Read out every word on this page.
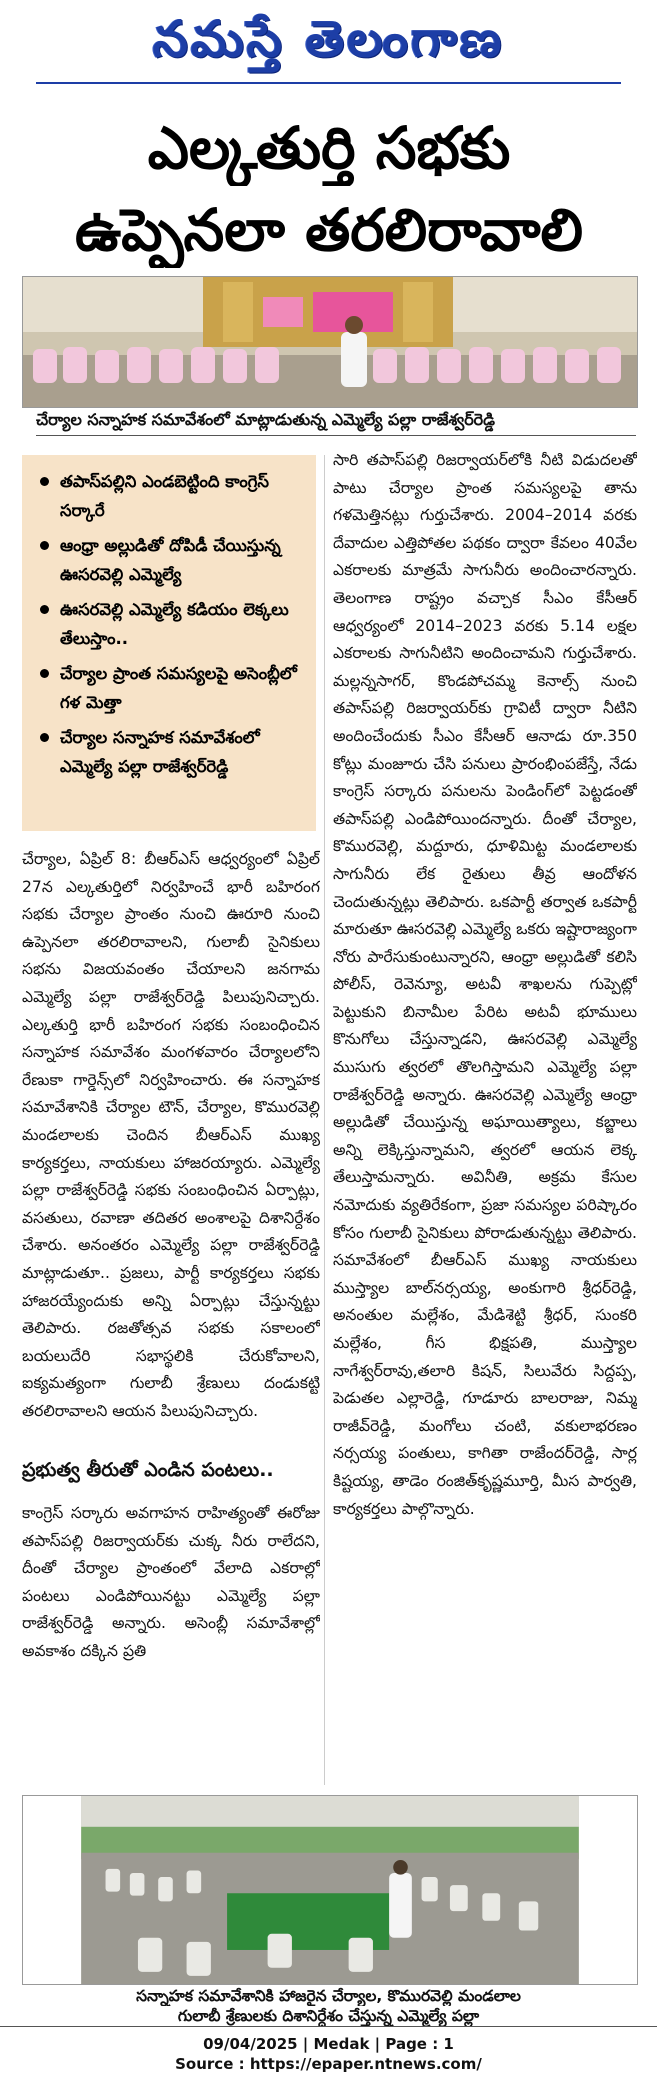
నమస్తే తెలంగాణ
ఎల్కతుర్తి సభకు
ఉప్పెనలా తరలిరావాలి
చేర్యాల సన్నాహక సమావేశంలో మాట్లాడుతున్న ఎమ్మెల్యే పల్లా రాజేశ్వర్‌రెడ్డి
తపాస్‌పల్లిని ఎండబెట్టింది కాంగ్రెస్ సర్కారే
ఆంధ్రా అల్లుడితో దోపిడీ చేయిస్తున్న ఊసరవెల్లి ఎమ్మెల్యే
ఊసరవెల్లి ఎమ్మెల్యే కడియం లెక్కలు తేలుస్తాం..
చేర్యాల ప్రాంత సమస్యలపై అసెంబ్లీలో గళ మెత్తా
చేర్యాల సన్నాహక సమావేశంలో ఎమ్మెల్యే పల్లా రాజేశ్వర్‌రెడ్డి

చేర్యాల, ఏప్రిల్ 8: బీఆర్‌ఎస్ ఆధ్వర్యంలో ఏప్రిల్ 27న ఎల్కతుర్తిలో నిర్వహించే భారీ బహిరంగ సభకు చేర్యాల ప్రాంతం నుంచి ఊరూరి నుంచి ఉప్పెనలా తరలిరావాలని, గులాబీ సైనికులు సభను విజయవంతం చేయాలని జనగామ ఎమ్మెల్యే పల్లా రాజేశ్వర్‌రెడ్డి పిలుపునిచ్చారు. ఎల్కతుర్తి భారీ బహిరంగ సభకు సంబంధించిన సన్నాహక సమావేశం మంగళవారం చేర్యాలలోని రేణుకా గార్డెన్స్‌లో నిర్వహించారు. ఈ సన్నాహక సమావేశానికి చేర్యాల టౌన్, చేర్యాల, కొమురవెల్లి మండలాలకు చెందిన బీఆర్‌ఎస్ ముఖ్య కార్యకర్తలు, నాయకులు హాజరయ్యారు. ఎమ్మెల్యే పల్లా రాజేశ్వర్‌రెడ్డి సభకు సంబంధించిన ఏర్పాట్లు, వసతులు, రవాణా తదితర అంశాలపై దిశానిర్దేశం చేశారు. అనంతరం ఎమ్మెల్యే పల్లా రాజేశ్వర్‌రెడ్డి మాట్లాడుతూ.. ప్రజలు, పార్టీ కార్యకర్తలు సభకు హాజరయ్యేందుకు అన్ని ఏర్పాట్లు చేస్తున్నట్టు తెలిపారు. రజతోత్సవ సభకు సకాలంలో బయలుదేరి సభాస్థలికి చేరుకోవాలని, ఐక్యమత్యంగా గులాబీ శ్రేణులు దండుకట్టి తరలిరావాలని ఆయన పిలుపునిచ్చారు.

ప్రభుత్వ తీరుతో ఎండిన పంటలు..

కాంగ్రెస్ సర్కారు అవగాహన రాహిత్యంతో ఈరోజు తపాస్‌పల్లి రిజర్వాయర్‌కు చుక్క నీరు రాలేదని, దీంతో చేర్యాల ప్రాంతంలో వేలాది ఎకరాల్లో పంటలు ఎండిపోయినట్టు ఎమ్మెల్యే పల్లా రాజేశ్వర్‌రెడ్డి అన్నారు. అసెంబ్లీ సమావేశాల్లో అవకాశం దక్కిన ప్రతి

సారి తపాస్‌పల్లి రిజర్వాయర్‌లోకి నీటి విడుదలతో పాటు చేర్యాల ప్రాంత సమస్యలపై తాను గళమెత్తినట్లు గుర్తుచేశారు. 2004–2014 వరకు దేవాదుల ఎత్తిపోతల పథకం ద్వారా కేవలం 40వేల ఎకరాలకు మాత్రమే సాగునీరు అందించారన్నారు. తెలంగాణ రాష్ట్రం వచ్చాక సీఎం కేసీఆర్ ఆధ్వర్యంలో 2014–2023 వరకు 5.14 లక్షల ఎకరాలకు సాగునీటిని అందించామని గుర్తుచేశారు. మల్లన్నసాగర్, కొండపోచమ్మ కెనాల్స్ నుంచి తపాస్‌పల్లి రిజర్వాయర్‌కు గ్రావిటీ ద్వారా నీటిని అందించేందుకు సీఎం కేసీఆర్ ఆనాడు రూ.350 కోట్లు మంజూరు చేసి పనులు ప్రారంభింపజేస్తే, నేడు కాంగ్రెస్ సర్కారు పనులను పెండింగ్‌లో పెట్టడంతో తపాస్‌పల్లి ఎండిపోయిందన్నారు. దీంతో చేర్యాల, కొమురవెల్లి, మద్దూరు, ధూళిమిట్ట మండలాలకు సాగునీరు లేక రైతులు తీవ్ర ఆందోళన చెందుతున్నట్లు తెలిపారు. ఒకపార్టీ తర్వాత ఒకపార్టీ మారుతూ ఊసరవెల్లి ఎమ్మెల్యే ఒకరు ఇష్టారాజ్యంగా నోరు పారేసుకుంటున్నారని, ఆంధ్రా అల్లుడితో కలిసి పోలీస్, రెవెన్యూ, అటవీ శాఖలను గుప్పెట్లో పెట్టుకుని బినామీల పేరిట అటవీ భూములు కొనుగోలు చేస్తున్నాడని, ఊసరవెల్లి ఎమ్మెల్యే ముసుగు త్వరలో తొలగిస్తామని ఎమ్మెల్యే పల్లా రాజేశ్వర్‌రెడ్డి అన్నారు. ఊసరవెల్లి ఎమ్మెల్యే ఆంధ్రా అల్లుడితో చేయిస్తున్న అఘాయిత్యాలు, కబ్జాలు అన్ని లెక్కిస్తున్నామని, త్వరలో ఆయన లెక్క తేలుస్తామన్నారు. అవినీతి, అక్రమ కేసుల నమోదుకు వ్యతిరేకంగా, ప్రజా సమస్యల పరిష్కారం కోసం గులాబీ సైనికులు పోరాడుతున్నట్టు తెలిపారు. సమావేశంలో బీఆర్‌ఎస్ ముఖ్య నాయకులు ముస్త్యాల బాల్‌నర్సయ్య, అంకుగారి శ్రీధర్‌రెడ్డి, అనంతుల మల్లేశం, మేడిశెట్టి శ్రీధర్, సుంకరి మల్లేశం, గీస భిక్షపతి, ముస్త్యాల నాగేశ్వర్‌రావు,తలారి కిషన్, సిలువేరు సిద్దప్ప, పెడుతల ఎల్లారెడ్డి, గూడూరు బాలరాజు, నిమ్మ రాజీవ్‌రెడ్డి, మంగోలు చంటి, వకులాభరణం నర్సయ్య పంతులు, కాగితా రాజేందర్‌రెడ్డి, సార్ల కిష్టయ్య, తాడెం రంజిత్‌కృష్ణమూర్తి, మీస పార్వతి, కార్యకర్తలు పాల్గొన్నారు.

సన్నాహక సమావేశానికి హాజరైన చేర్యాల, కొమురవెల్లి మండలాల
గులాబీ శ్రేణులకు దిశానిర్దేశం చేస్తున్న ఎమ్మెల్యే పల్లా
09/04/2025 | Medak | Page : 1
Source : https://epaper.ntnews.com/
